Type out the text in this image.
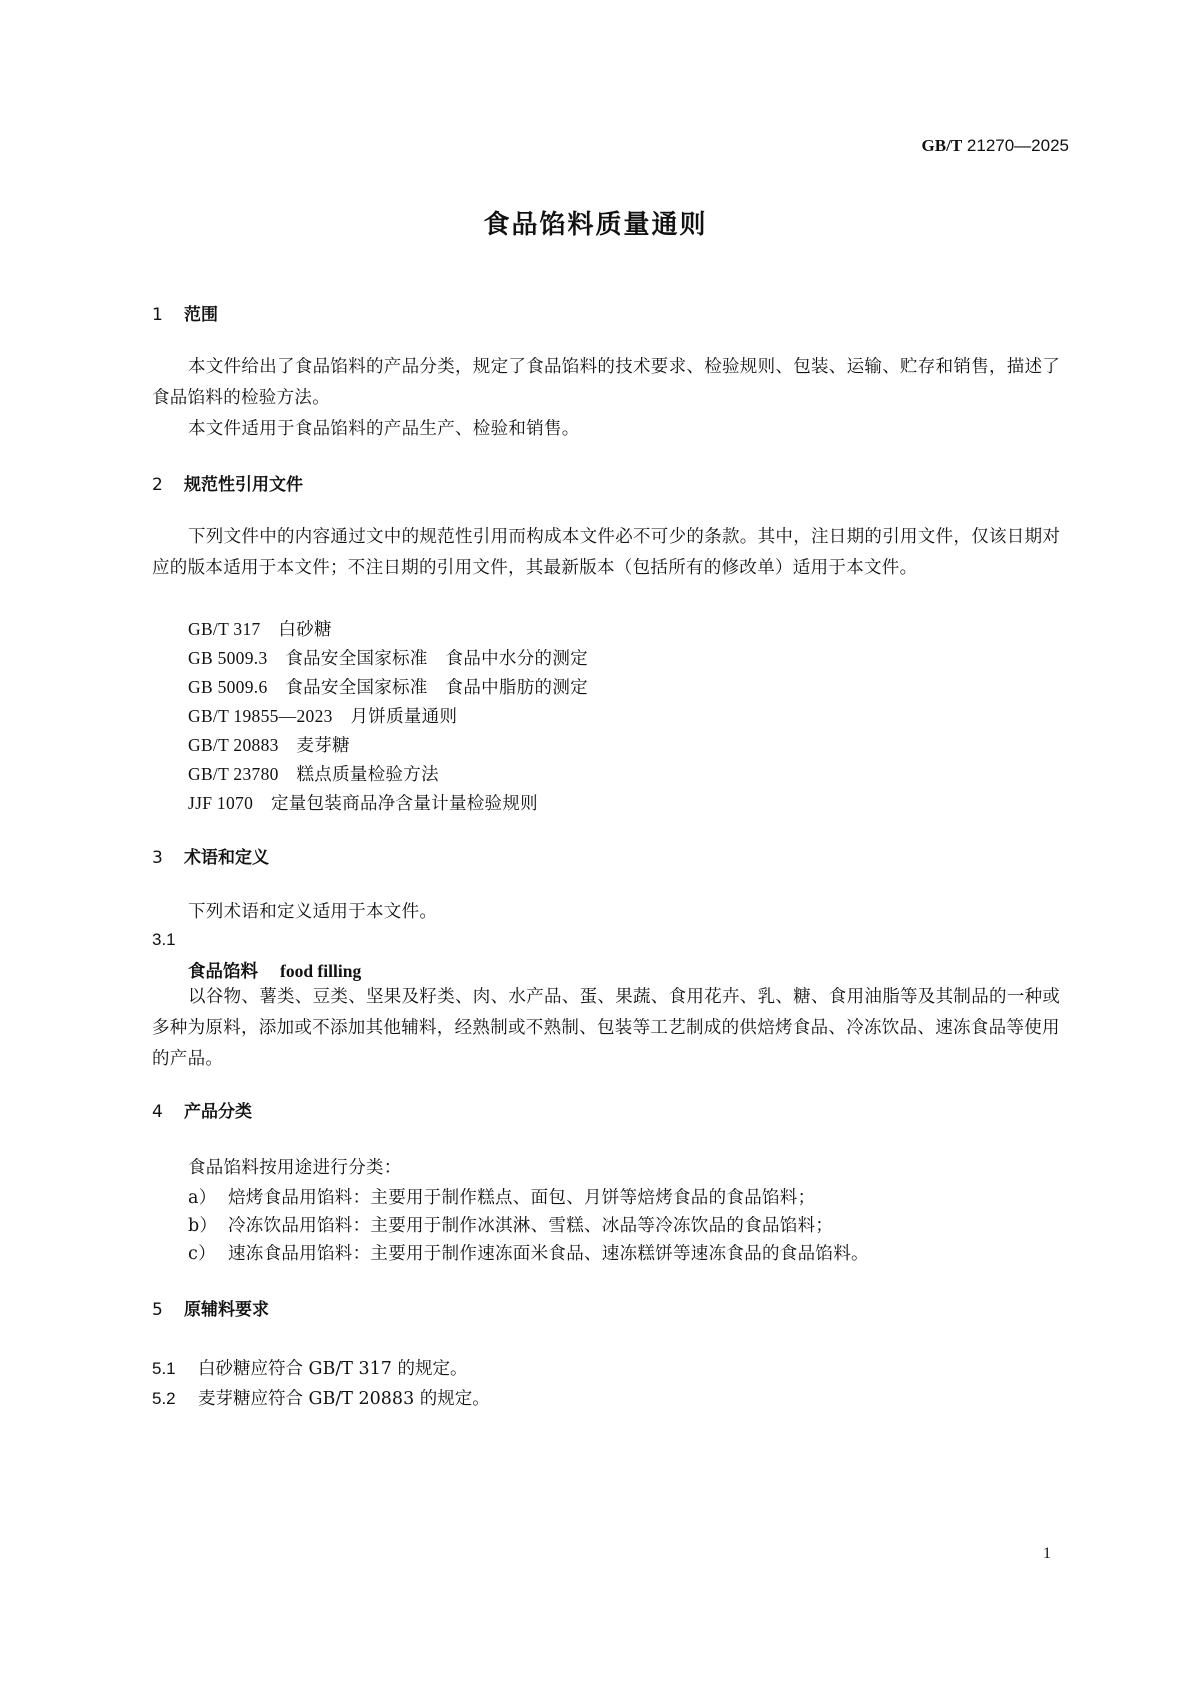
GB/T 21270—2025
食品馅料质量通则
1 范围
本文件给出了食品馅料的产品分类，规定了食品馅料的技术要求、检验规则、包装、运输、贮存和销售，描述了食品馅料的检验方法。
本文件适用于食品馅料的产品生产、检验和销售。
2 规范性引用文件
下列文件中的内容通过文中的规范性引用而构成本文件必不可少的条款。其中，注日期的引用文件，仅该日期对应的版本适用于本文件；不注日期的引用文件，其最新版本（包括所有的修改单）适用于本文件。
GB/T 317　 白砂糖
GB 5009.3　 食品安全国家标准　食品中水分的测定
GB 5009.6　 食品安全国家标准　食品中脂肪的测定
GB/T 19855—2023　 月饼质量通则
GB/T 20883　 麦芽糖
GB/T 23780　 糕点质量检验方法
JJF 1070　 定量包装商品净含量计量检验规则
3 术语和定义
下列术语和定义适用于本文件。
3.1
食品馅料 food filling
以谷物、薯类、豆类、坚果及籽类、肉、水产品、蛋、果蔬、食用花卉、乳、糖、食用油脂等及其制品的一种或多种为原料，添加或不添加其他辅料，经熟制或不熟制、包装等工艺制成的供焙烤食品、冷冻饮品、速冻食品等使用的产品。
4 产品分类
食品馅料按用途进行分类：
a） 焙烤食品用馅料：主要用于制作糕点、面包、月饼等焙烤食品的食品馅料；
b） 冷冻饮品用馅料：主要用于制作冰淇淋、雪糕、冰品等冷冻饮品的食品馅料；
c） 速冻食品用馅料：主要用于制作速冻面米食品、速冻糕饼等速冻食品的食品馅料。
5 原辅料要求
5.1 白砂糖应符合 GB/T 317 的规定。
5.2 麦芽糖应符合 GB/T 20883 的规定。
1
